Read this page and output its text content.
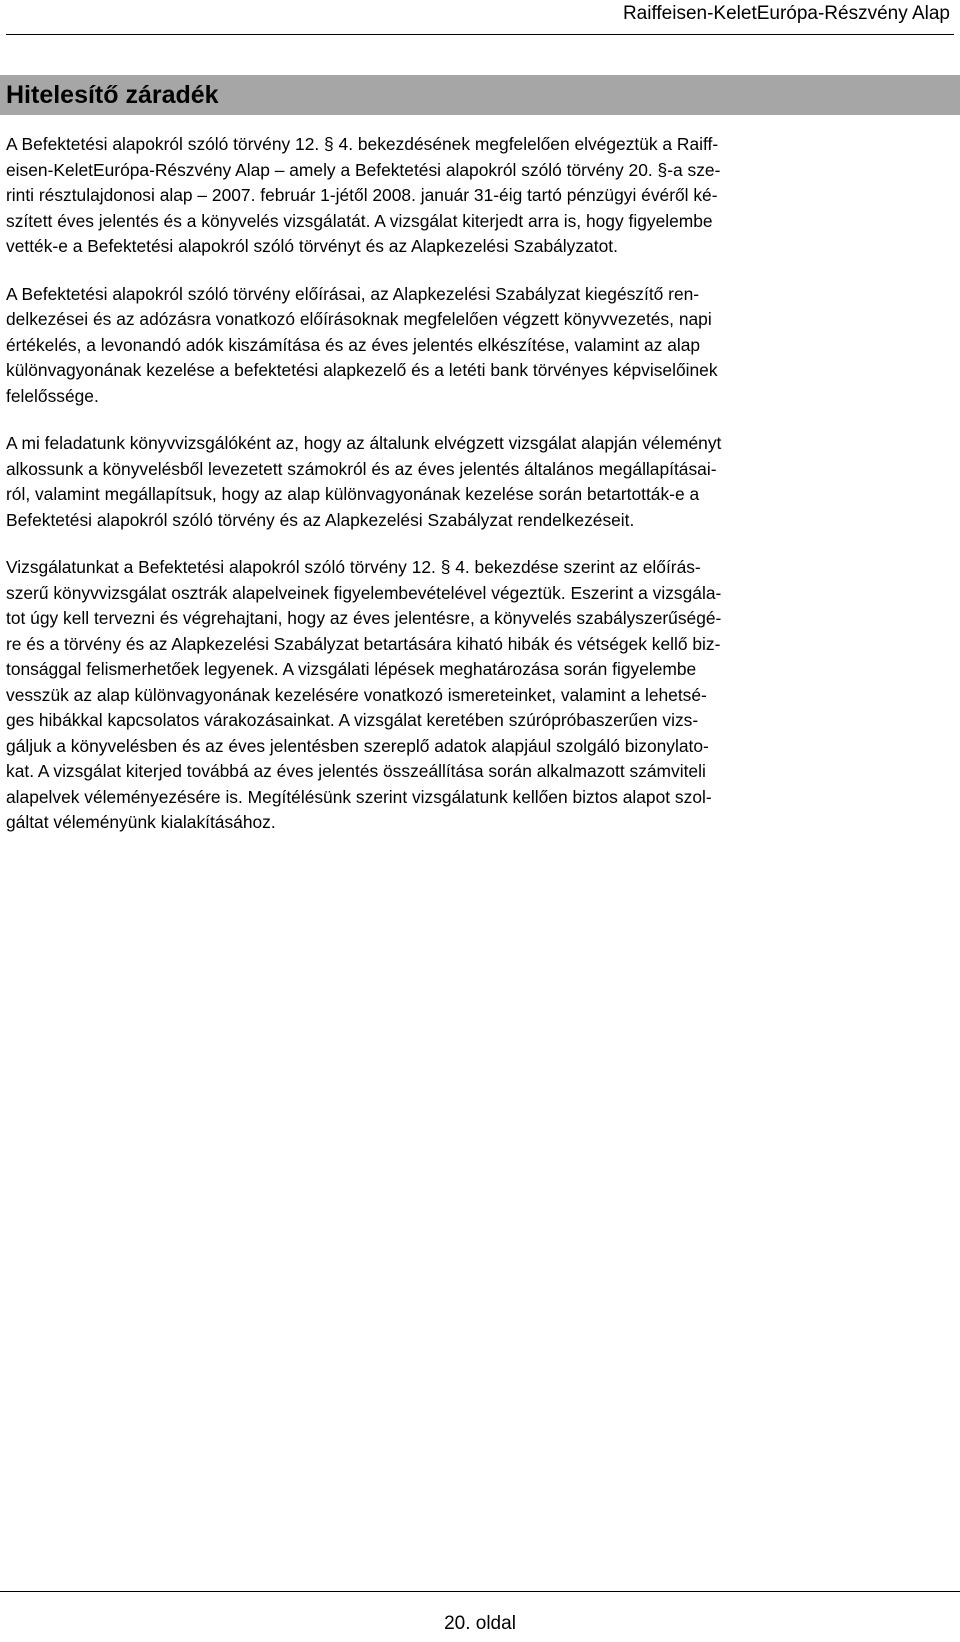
Raiffeisen-KeletEurópa-Részvény Alap
Hitelesítő záradék

A Befektetési alapokról szóló törvény 12. § 4. bekezdésének megfelelően elvégeztük a Raiff-
eisen-KeletEurópa-Részvény Alap – amely a Befektetési alapokról szóló törvény 20. §-a sze-
rinti résztulajdonosi alap – 2007. február 1-jétől 2008. január 31-éig tartó pénzügyi évéről ké-
szített éves jelentés és a könyvelés vizsgálatát. A vizsgálat kiterjedt arra is, hogy figyelembe
vették-e a Befektetési alapokról szóló törvényt és az Alapkezelési Szabályzatot.

A Befektetési alapokról szóló törvény előírásai, az Alapkezelési Szabályzat kiegészítő ren-
delkezései és az adózásra vonatkozó előírásoknak megfelelően végzett könyvvezetés, napi
értékelés, a levonandó adók kiszámítása és az éves jelentés elkészítése, valamint az alap
különvagyonának kezelése a befektetési alapkezelő és a letéti bank törvényes képviselőinek
felelőssége.

A mi feladatunk könyvvizsgálóként az, hogy az általunk elvégzett vizsgálat alapján véleményt
alkossunk a könyvelésből levezetett számokról és az éves jelentés általános megállapításai-
ról, valamint megállapítsuk, hogy az alap különvagyonának kezelése során betartották-e a
Befektetési alapokról szóló törvény és az Alapkezelési Szabályzat rendelkezéseit.

Vizsgálatunkat a Befektetési alapokról szóló törvény 12. § 4. bekezdése szerint az előírás-
szerű könyvvizsgálat osztrák alapelveinek figyelembevételével végeztük. Eszerint a vizsgála-
tot úgy kell tervezni és végrehajtani, hogy az éves jelentésre, a könyvelés szabályszerűségé-
re és a törvény és az Alapkezelési Szabályzat betartására kiható hibák és vétségek kellő biz-
tonsággal felismerhetőek legyenek. A vizsgálati lépések meghatározása során figyelembe
vesszük az alap különvagyonának kezelésére vonatkozó ismereteinket, valamint a lehetsé-
ges hibákkal kapcsolatos várakozásainkat. A vizsgálat keretében szúrópróbaszerűen vizs-
gáljuk a könyvelésben és az éves jelentésben szereplő adatok alapjául szolgáló bizonylato-
kat. A vizsgálat kiterjed továbbá az éves jelentés összeállítása során alkalmazott számviteli
alapelvek véleményezésére is. Megítélésünk szerint vizsgálatunk kellően biztos alapot szol-
gáltat véleményünk kialakításához.

20. oldal
